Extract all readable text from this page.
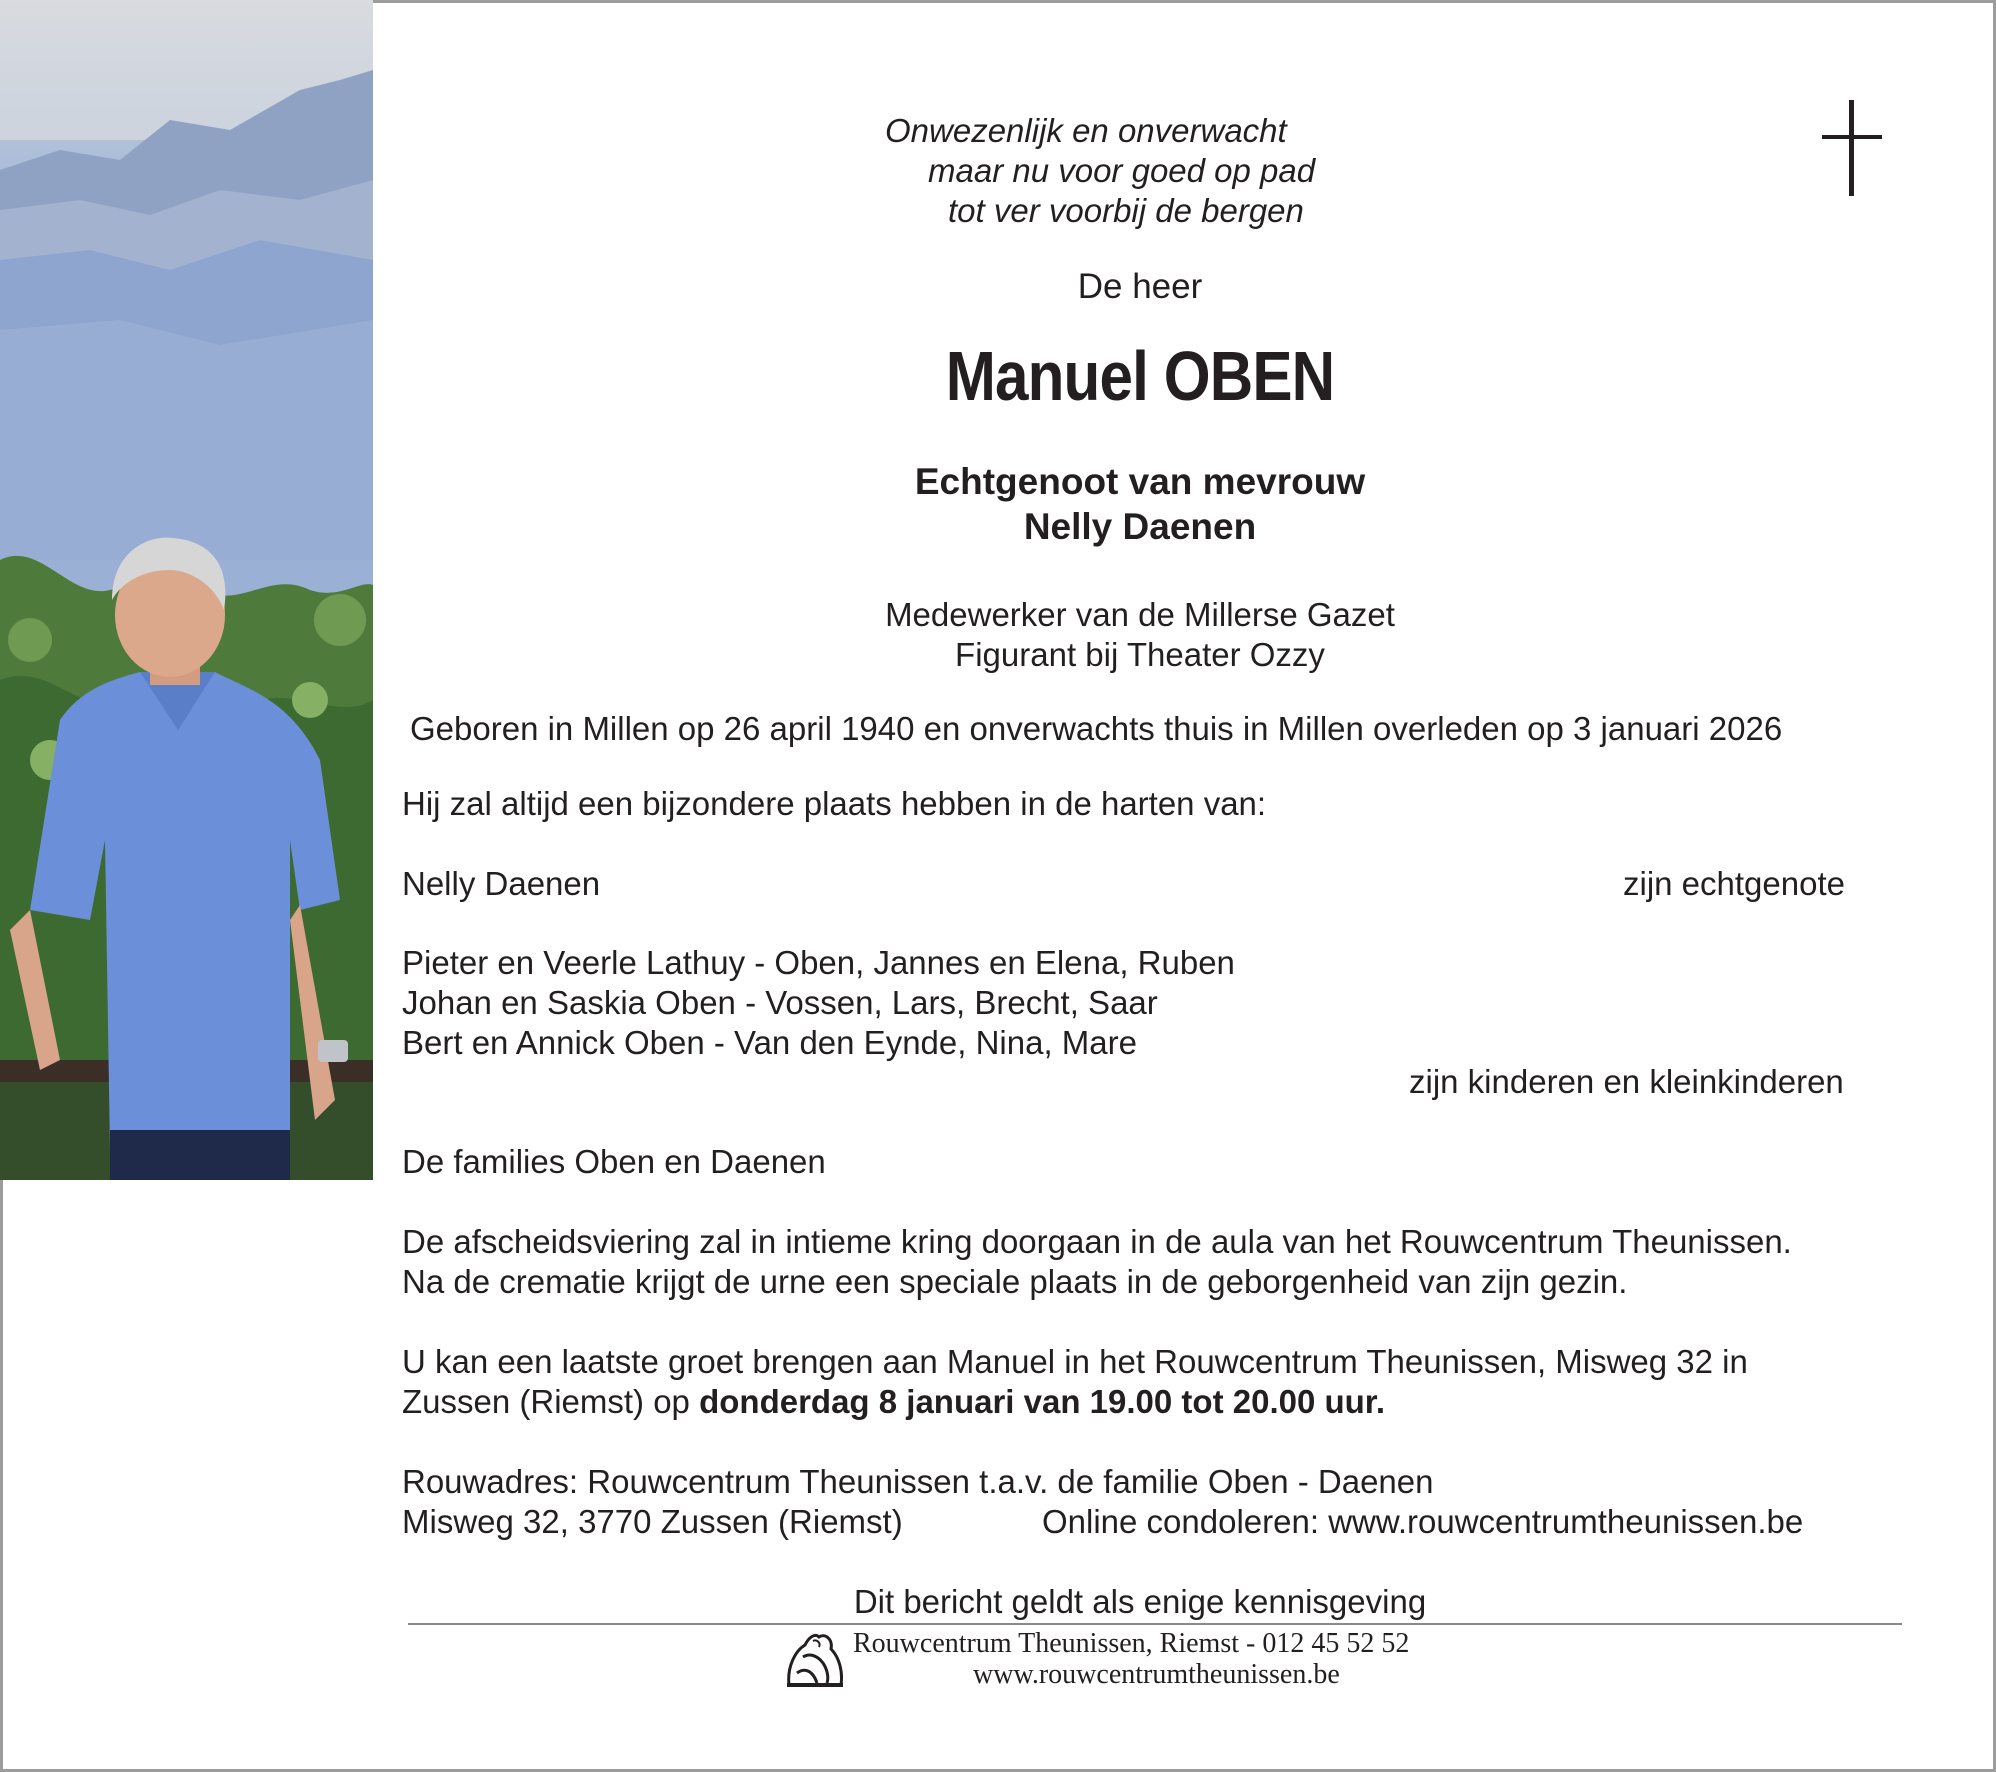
Onwezenlijk en onverwacht
maar nu voor goed op pad
tot ver voorbij de bergen
De heer
Manuel OBEN
Echtgenoot van mevrouw
Nelly Daenen
Medewerker van de Millerse Gazet
Figurant bij Theater Ozzy
Geboren in Millen op 26 april 1940 en onverwachts thuis in Millen overleden op 3 januari 2026
Hij zal altijd een bijzondere plaats hebben in de harten van:
Nelly Daenen	zijn echtgenote
Pieter en Veerle Lathuy - Oben, Jannes en Elena, Ruben
Johan en Saskia Oben - Vossen, Lars, Brecht, Saar
Bert en Annick Oben - Van den Eynde, Nina, Mare
zijn kinderen en kleinkinderen
De families Oben en Daenen
De afscheidsviering zal in intieme kring doorgaan in de aula van het Rouwcentrum Theunissen.
Na de crematie krijgt de urne een speciale plaats in de geborgenheid van zijn gezin.
U kan een laatste groet brengen aan Manuel in het Rouwcentrum Theunissen, Misweg 32 in
Zussen (Riemst) op donderdag 8 januari van 19.00 tot 20.00 uur.
Rouwadres: Rouwcentrum Theunissen t.a.v. de familie Oben - Daenen
Misweg 32, 3770 Zussen (Riemst)	Online condoleren: www.rouwcentrumtheunissen.be
Dit bericht geldt als enige kennisgeving
Rouwcentrum Theunissen, Riemst - 012 45 52 52
www.rouwcentrumtheunissen.be
